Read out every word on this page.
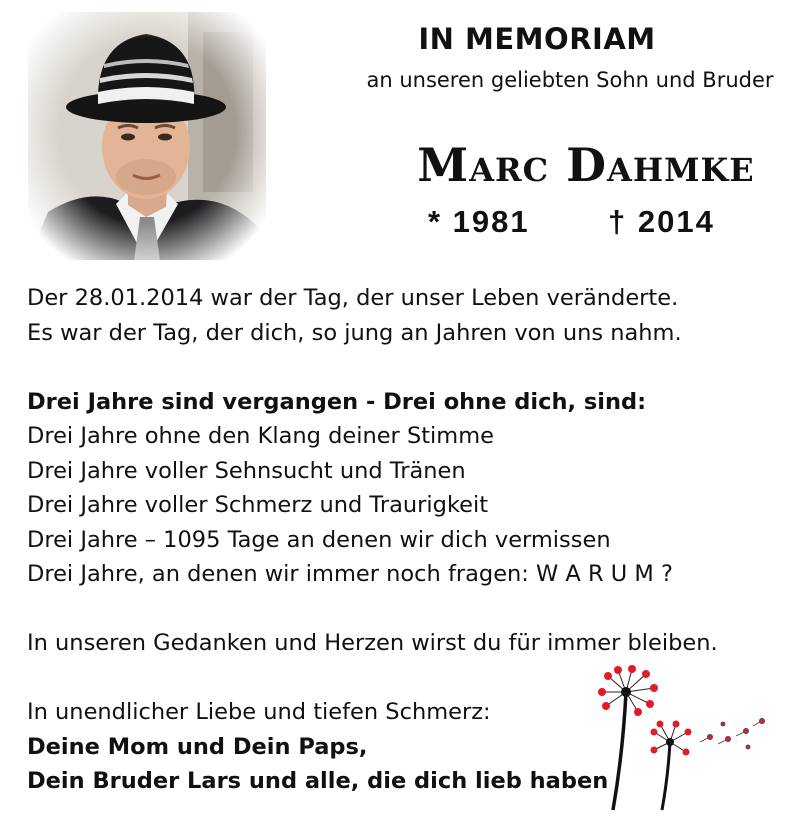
IN MEMORIAM
an unseren geliebten Sohn und Bruder
Marc Dahmke
* 1981	† 2014
Der 28.01.2014 war der Tag, der unser Leben veränderte.
Es war der Tag, der dich, so jung an Jahren von uns nahm.
Drei Jahre sind vergangen - Drei ohne dich, sind:
Drei Jahre ohne den Klang deiner Stimme
Drei Jahre voller Sehnsucht und Tränen
Drei Jahre voller Schmerz und Traurigkeit
Drei Jahre – 1095 Tage an denen wir dich vermissen
Drei Jahre, an denen wir immer noch fragen: W A R U M ?
In unseren Gedanken und Herzen wirst du für immer bleiben.
In unendlicher Liebe und tiefen Schmerz:
Deine Mom und Dein Paps,
Dein Bruder Lars und alle, die dich lieb haben
